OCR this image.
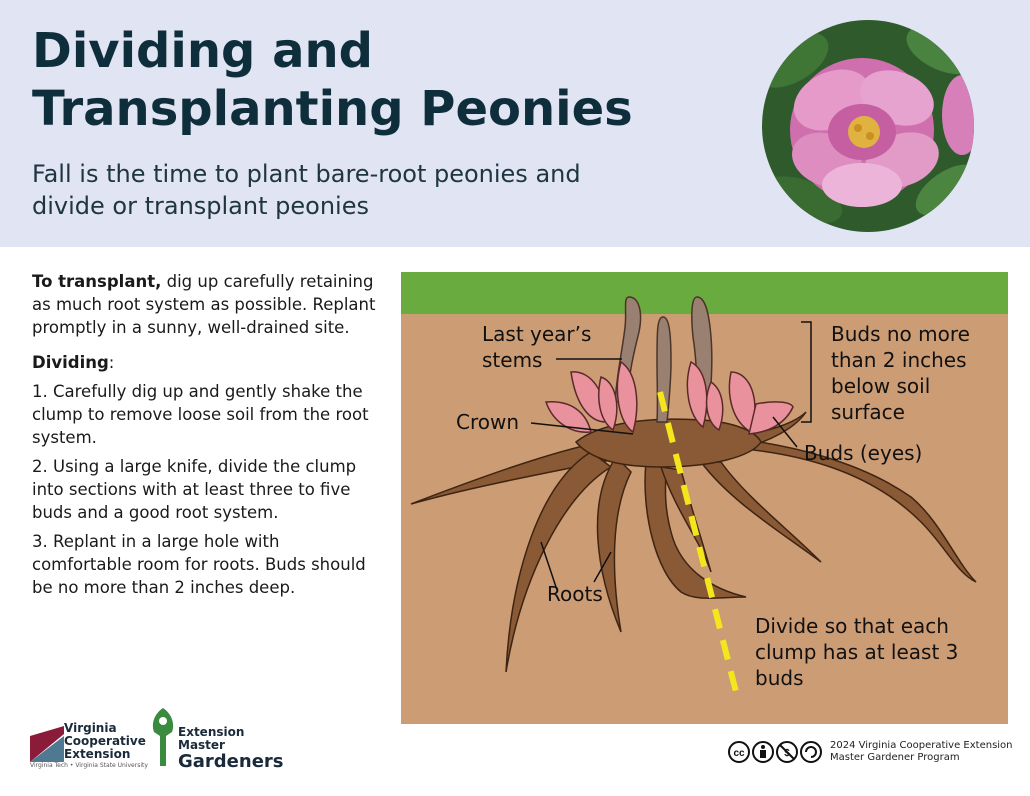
Dividing and
Transplanting Peonies
Fall is the time to plant bare-root peonies and
divide or transplant peonies

To transplant, dig up carefully retaining as much root system as possible. Replant promptly in a sunny, well-drained site.

Dividing:

1. Carefully dig up and gently shake the clump to remove loose soil from the root system.

2. Using a large knife, divide the clump into sections with at least three to five buds and a good root system.

3. Replant in a large hole with comfortable room for roots. Buds should be no more than 2 inches deep.

Last year’s
stems
Crown
Buds no more
than 2 inches
below soil
surface
Buds (eyes)
Roots
Divide so that each
clump has at least 3
buds
Virginia
Cooperative
Extension
Virginia Tech • Virginia State University
Extension
Master
Gardeners	cc	$
2024 Virginia Cooperative Extension
Master Gardener Program
